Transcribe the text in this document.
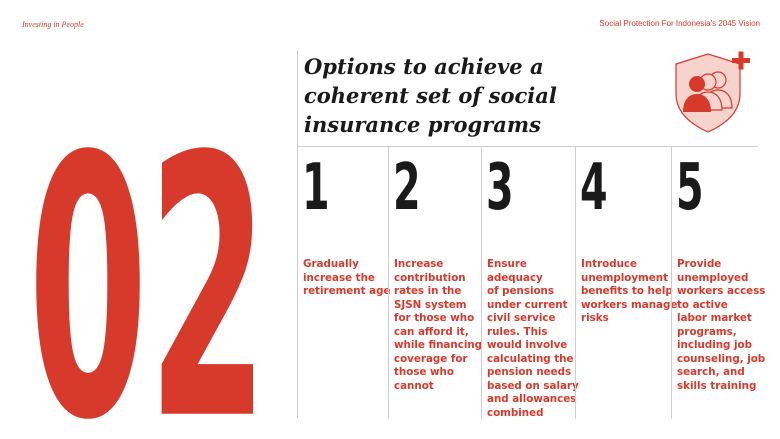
Investing in People	Social Protection For Indonesia's 2045 Vision
02
Options to achieve a
coherent set of social
insurance programs
1

Gradually
increase the
retirement age

2

Increase
contribution
rates in the
SJSN system
for those who
can afford it,
while financing
coverage for
those who
cannot

3

Ensure
adequacy
of pensions
under current
civil service
rules. This
would involve
calculating the
pension needs
based on salary
and allowances
combined

4

Introduce
unemployment
benefits to help
workers manage
risks

5

Provide
unemployed
workers access
to active
labor market
programs,
including job
counseling, job
search, and
skills training
